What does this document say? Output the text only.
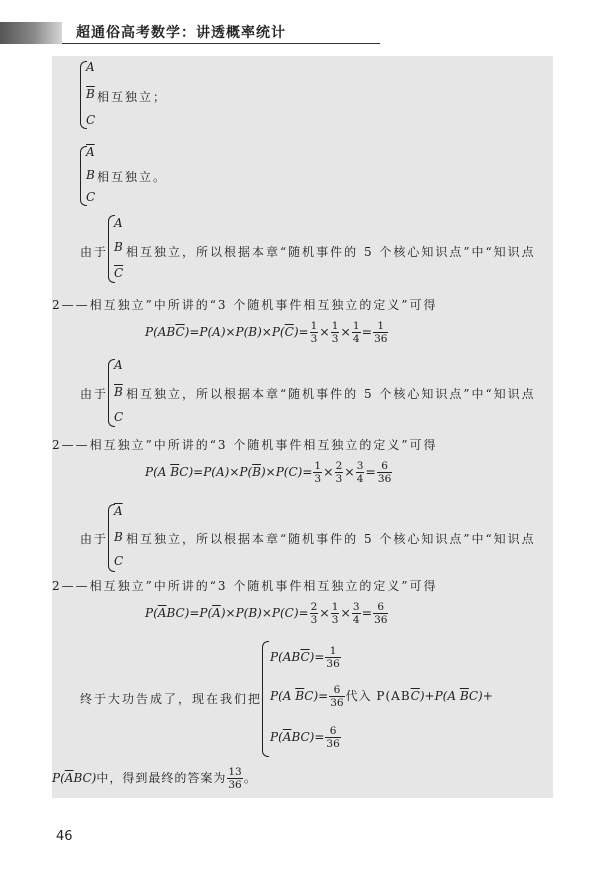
超通俗高考数学：讲透概率统计
A
$\overline{B}$ 相互独立；
C
$\overline{A}$
B 相互独立。
C
由于
A
B
$\overline{C}$
相互独立，所以根据本章“随机事件的 5 个核心知识点”中“知识点
2——相互独立”中所讲的“3 个随机事件相互独立的定义”可得
$P(AB\overline{C})=P(A)\times P(B)\times P(\overline{C})= \frac{1}{3} \times \frac{1}{3} \times \frac{1}{4} = \frac{1}{36}$
由于
A
$\overline{B}$
C
相互独立，所以根据本章“随机事件的 5 个核心知识点”中“知识点
2——相互独立”中所讲的“3 个随机事件相互独立的定义”可得
P(A $\overline{B}C)=P(A)\times P(\overline{B})\times P(C)= \frac{1}{3} \times \frac{2}{3} \times \frac{3}{4} = \frac{6}{36}$
由于
$\overline{A}$
B
C
相互独立，所以根据本章“随机事件的 5 个核心知识点”中“知识点
2——相互独立”中所讲的“3 个随机事件相互独立的定义”可得
$P(\overline{A}BC)=P(\overline{A})\times P(B)\times P(C)= \frac{2}{3} \times \frac{1}{3} \times \frac{3}{4} = \frac{6}{36}$
终于大功告成了，现在我们把
$P(AB\overline{C})= \frac{1}{36}$
P(A $\overline{B}C)= \frac{6}{36}$ 代入 $P(AB\overline{C})+P(A$ $\overline{B}C)+$
$P(\overline{A}BC)= \frac{6}{36}$
$P(\overline{A}BC)$中，得到最终的答案为 $\frac{13}{36}$ 。
46
